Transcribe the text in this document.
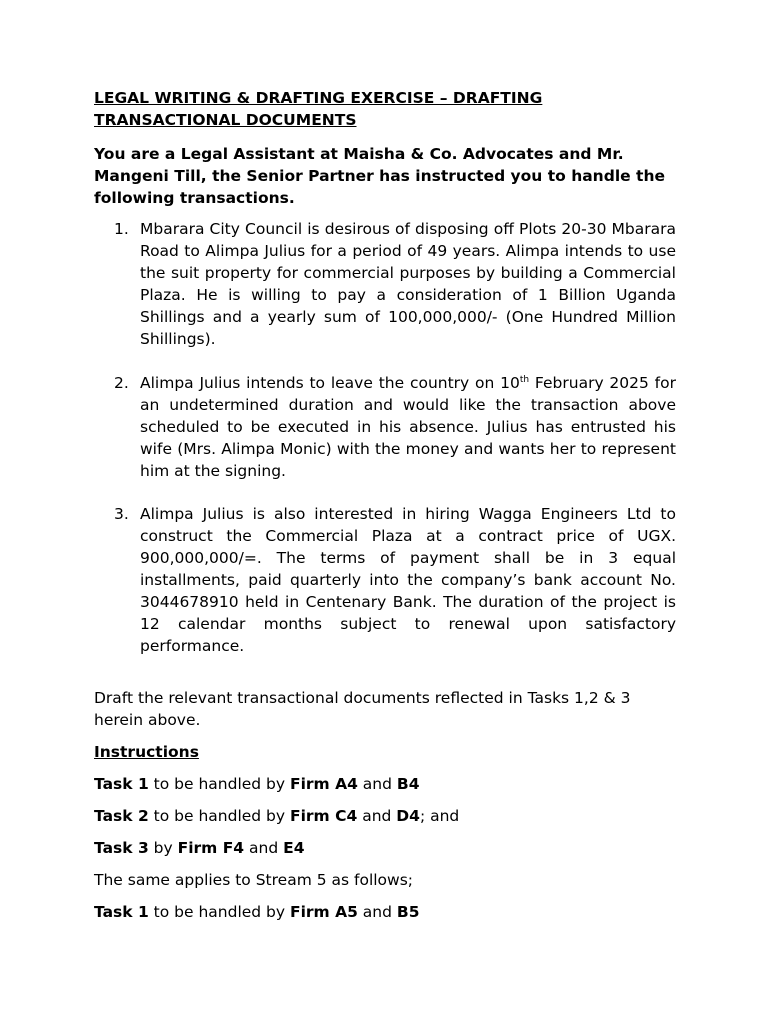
LEGAL WRITING & DRAFTING EXERCISE – DRAFTING TRANSACTIONAL DOCUMENTS
You are a Legal Assistant at Maisha & Co. Advocates and Mr. Mangeni Till, the Senior Partner has instructed you to handle the following transactions.
1. Mbarara City Council is desirous of disposing off Plots 20-30 Mbarara Road to Alimpa Julius for a period of 49 years. Alimpa intends to use the suit property for commercial purposes by building a Commercial Plaza. He is willing to pay a consideration of 1 Billion Uganda Shillings and a yearly sum of 100,000,000/- (One Hundred Million Shillings).
2. Alimpa Julius intends to leave the country on 10th February 2025 for an undetermined duration and would like the transaction above scheduled to be executed in his absence. Julius has entrusted his wife (Mrs. Alimpa Monic) with the money and wants her to represent him at the signing.
3. Alimpa Julius is also interested in hiring Wagga Engineers Ltd to construct the Commercial Plaza at a contract price of UGX. 900,000,000/=. The terms of payment shall be in 3 equal installments, paid quarterly into the company’s bank account No. 3044678910 held in Centenary Bank. The duration of the project is 12 calendar months subject to renewal upon satisfactory performance.
Draft the relevant transactional documents reflected in Tasks 1,2 & 3 herein above.
Instructions
Task 1 to be handled by Firm A4 and B4
Task 2 to be handled by Firm C4 and D4; and
Task 3 by Firm F4 and E4
The same applies to Stream 5 as follows;
Task 1 to be handled by Firm A5 and B5
